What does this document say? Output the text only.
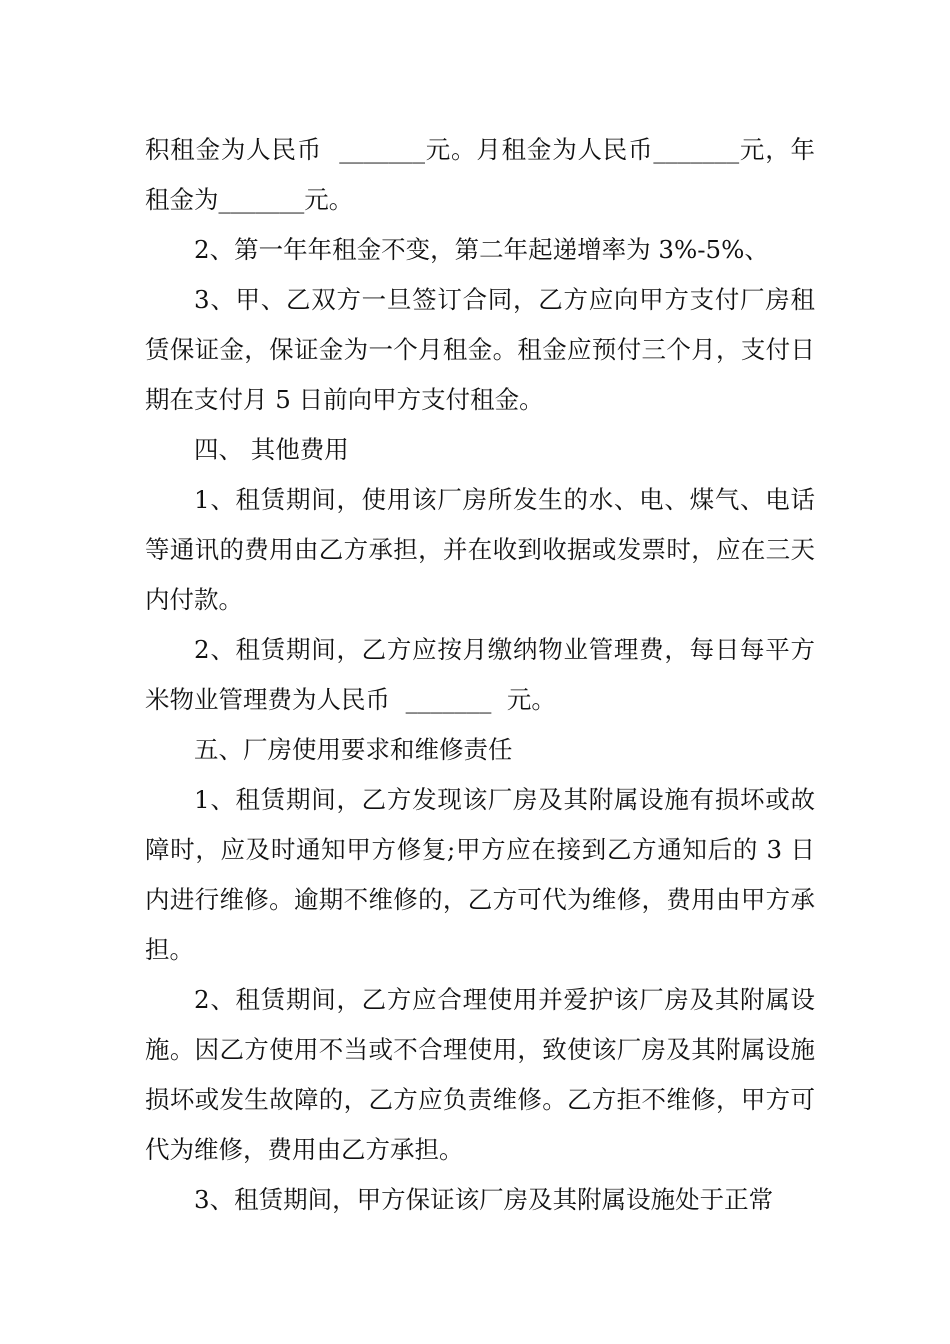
积租金为人民币  _______元。月租金为人民币_______元，年租金为_______元。

2、第一年年租金不变，第二年起递增率为 3%-5%、

3、甲、乙双方一旦签订合同，乙方应向甲方支付厂房租赁保证金，保证金为一个月租金。租金应预付三个月，支付日期在支付月 5 日前向甲方支付租金。

四、 其他费用

1、租赁期间，使用该厂房所发生的水、电、煤气、电话等通讯的费用由乙方承担，并在收到收据或发票时，应在三天内付款。

2、租赁期间，乙方应按月缴纳物业管理费，每日每平方米物业管理费为人民币  _______  元。

五、厂房使用要求和维修责任

1、租赁期间，乙方发现该厂房及其附属设施有损坏或故障时，应及时通知甲方修复;甲方应在接到乙方通知后的 3 日内进行维修。逾期不维修的，乙方可代为维修，费用由甲方承担。

2、租赁期间，乙方应合理使用并爱护该厂房及其附属设施。因乙方使用不当或不合理使用，致使该厂房及其附属设施损坏或发生故障的，乙方应负责维修。乙方拒不维修，甲方可代为维修，费用由乙方承担。

3、租赁期间，甲方保证该厂房及其附属设施处于正常
